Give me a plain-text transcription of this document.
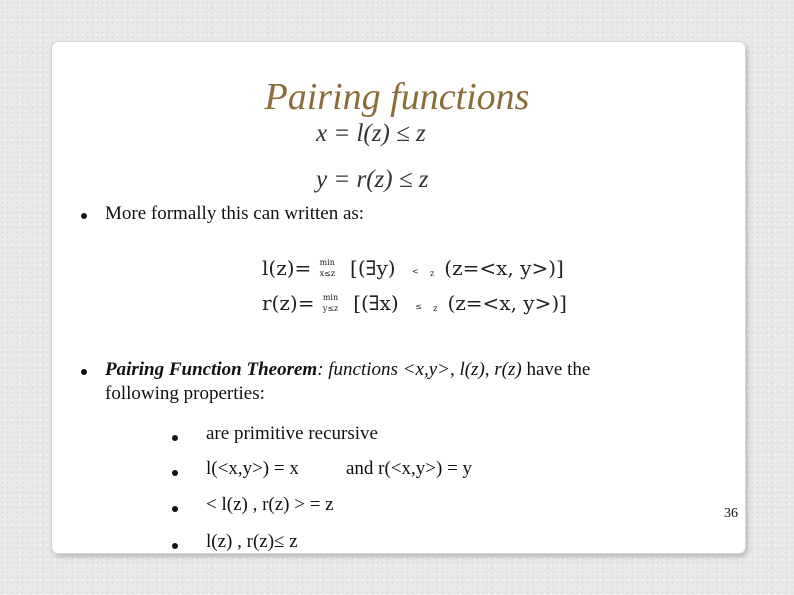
Pairing functions
x = l(z) ≤ z
y = r(z) ≤ z
More formally this can written as:
l(z)= min
x≤z [(∃y) < z (z=<x, y>)]
r(z)= min
y≤z [(∃x) ≤ z (z=<x, y>)]
Pairing Function Theorem: functions <x,y>, l(z), r(z) have the
following properties:
are primitive recursive
l(<x,y>) = x and r(<x,y>) = y
< l(z) , r(z) > = z
l(z) , r(z)≤ z
36
